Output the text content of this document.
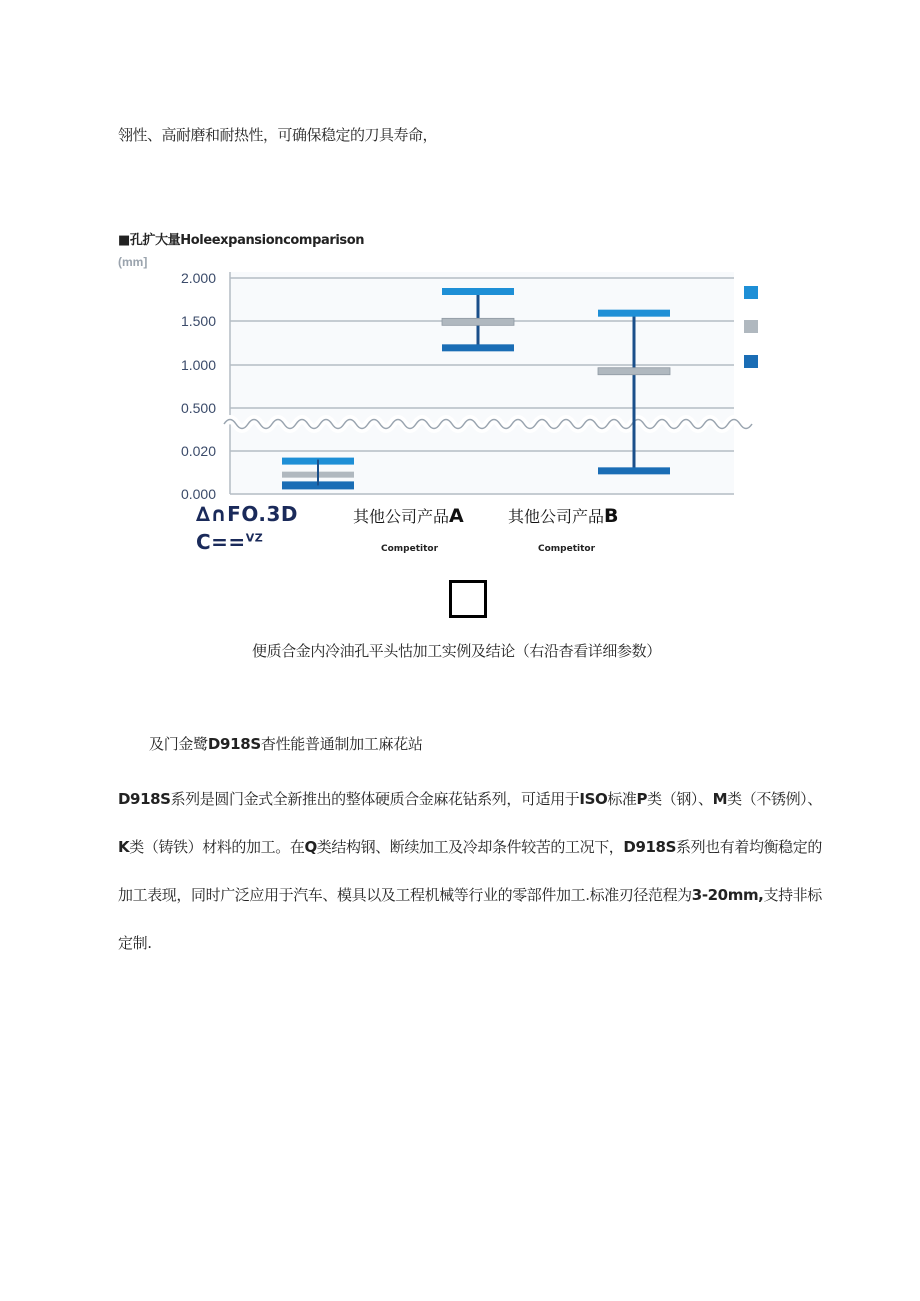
翎性、高耐磨和耐热性，可确保稳定的刀具寿命，
■孔扩大量Holeexpansioncomparison
(mm]
2.000
1.500
1.000
0.500
0.020
0.000
∆∩FO.3D
C==$^{VZ}$
其他公司产品A	其他公司产品B
Competitor	Competitor
便质合金内冷油孔平头怙加工实例及结论（右沿杳看详细参数）
及门金鹭D918S杳性能普通制加工麻花站
D918S系列是圆门金式全新推出的整体硬质合金麻花钻系列，可适用于ISO标准P类（钢）、M类（不锈例）、K类（铸铁）材料的加工。在Q类结构钢、断续加工及冷却条件较苦的工况下，D918S系列也有着均衡稳定的加工表现，同时广泛应用于汽车、模具以及工程机械等行业的零部件加工.标准刃径范程为3-20mm,支持非标定制.
